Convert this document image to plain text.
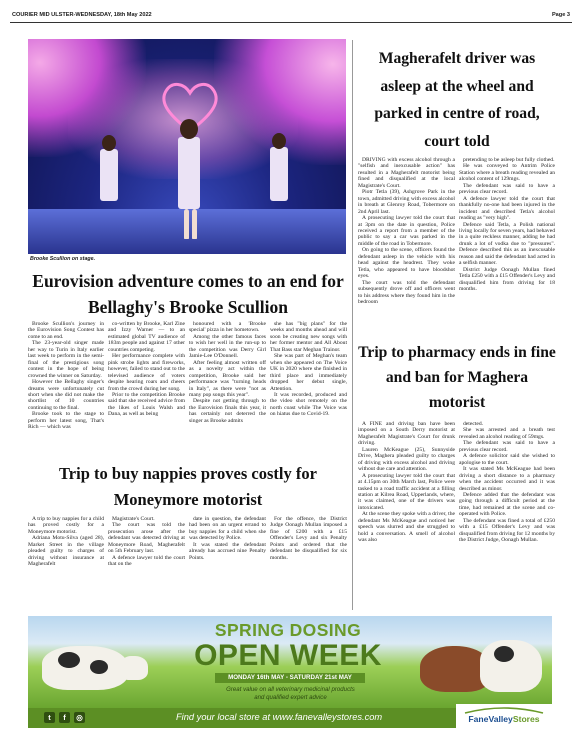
COURIER MID ULSTER-WEDNESDAY, 18th May 2022	Page 3
Brooke Scullion on stage.
Eurovision adventure comes to an end for Bellaghy's Brooke Scullion

Brooke Scullion's journey in the Eurovision Song Contest has come to an end.

The 23-year-old singer made her way to Turin in Italy earlier last week to perform in the semi-final of the prestigious song contest in the hope of being crowned the winner on Saturday.

However the Bellaghy singer's dreams were unfortunately cut short when she did not make the shortlist of 10 countries continuing to the final.

Brooke took to the stage to perform her latest song, That's Rich — which was

co-written by Brooke, Karl Zine and Izzy Warner — to an estimated global TV audience of 183m people and against 17 other countries competing.

Her performance complete with pink strobe lights and fireworks, however, failed to stand out to the televised audience of voters despite hearing roars and cheers from the crowd during her song.

Prior to the competition Brooke said that she received advice from the likes of Louis Walsh and Dana, as well as being

honoured with a 'Brooke special' pizza in her hometown.

Among the other famous faces to wish her well in the run-up to the competition was Derry Girl Jamie-Lee O'Donnell.

After feeling almost written off as a novelty act within the competition, Brooke said her performance was "turning heads in Italy", as there were "not as many pop songs this year".

Despite not getting through to the Eurovision finals this year, it has certainly not deterred the singer as Brooke admits

she has "big plans" for the weeks and months ahead and will soon be creating new songs with her former mentor and All About That Bass star Meghan Trainor.

She was part of Meghan's team when she appeared on The Voice UK in 2020 where she finished in third place and immediately dropped her debut single, Attention.

It was recorded, produced and the video shot remotely on the north coast while The Voice was on hiatus due to Covid-19.

Trip to buy nappies proves costly for Moneymore motorist

A trip to buy nappies for a child has proved costly for a Moneymore motorist.

Adriana Motu-Silva (aged 28), Market Street in the village pleaded guilty to charges of driving without insurance at Magherafelt

Magistrate's Court.

The court was told the prosecution arose after the defendant was detected driving at Moneymore Road, Magherafelt on 5th February last.

A defence lawyer told the court that on the

date in question, the defendant had been on an urgent errand to buy nappies for a child when she was detected by Police.

It was stated the defendant already has accrued nine Penalty Points.

For the offence, the District Judge Oonagh Mullan imposed a fine of £200 with a £15 Offender's Levy and six Penalty Points and ordered that the defendant be disqualified for six months.

Magherafelt driver was asleep at the wheel and parked in centre of road, court told

DRIVING with excess alcohol through a "selfish and inexcusable action" has resulted in a Magherafelt motorist being fined and disqualified at the local Magistrate's Court.

Piotr Tetla (39), Ashgrove Park in the town, admitted driving with excess alcohol in breath at Glenroy Road, Tobermore on 2nd April last.

A prosecuting lawyer told the court that at 3pm on the date in question, Police received a report from a member of the public to say a car was parked in the middle of the road in Tobermore.

On going to the scene, officers found the defendant asleep in the vehicle with his head against the headrest. They woke Tetla, who appeared to have bloodshot eyes.

The court was told the defendant subsequently drove off and officers went to his address where they found him in the bedroom

pretending to be asleep but fully clothed.

He was conveyed to Antrim Police Station where a breath reading revealed an alcohol content of 129mgs.

The defendant was said to have a previous clear record.

A defence lawyer told the court that thankfully no-one had been injured in the incident and described Tetla's alcohol reading as "very high".

Defence said Tetla, a Polish national living locally for seven years, had behaved in a quite reckless manner, adding he had drunk a lot of vodka due to "pressures". Defence described this as an inexcusable reason and said the defendant had acted in a selfish manner.

District Judge Oonagh Mullan fined Tetla £250 with a £15 Offender's Levy and disqualified him from driving for 18 months.

Trip to pharmacy ends in fine and ban for Maghera motorist

A FINE and driving ban have been imposed on a South Derry motorist at Magherafelt Magistrate's Court for drunk driving.

Lauren McKeague (25), Sunnyside Drive, Maghera pleaded guilty to charges of driving with excess alcohol and driving without due care and attention.

A prosecuting lawyer told the court that at 4.15pm on 30th March last, Police were tasked to a road traffic accident at a filling station at Kilrea Road, Upperlands, where, it was claimed, one of the drivers was intoxicated.

At the scene they spoke with a driver, the defendant Ms McKeague and noticed her speech was slurred and she struggled to hold a conversation. A smell of alcohol was also

detected.

She was arrested and a breath test revealed an alcohol reading of 59mgs.

The defendant was said to have a previous clear record.

A defence solicitor said she wished to apologise to the court.

It was stated Ms McKeague had been driving a short distance to a pharmacy when the accident occurred and it was described as minor.

Defence added that the defendant was going through a difficult period at the time, had remained at the scene and co-operated with Police.

The defendant was fined a total of £250 with a £15 Offender's Levy and was disqualified from driving for 12 months by the District Judge, Oonagh Mullan.

SPRING DOSING
OPEN WEEK
MONDAY 16th MAY - SATURDAY 21st MAY
Great value on all veterinary medicinal products
and qualified expert advice
t	f	◎	Find your local store at www.fanevalleystores.com	FaneValleyStores
